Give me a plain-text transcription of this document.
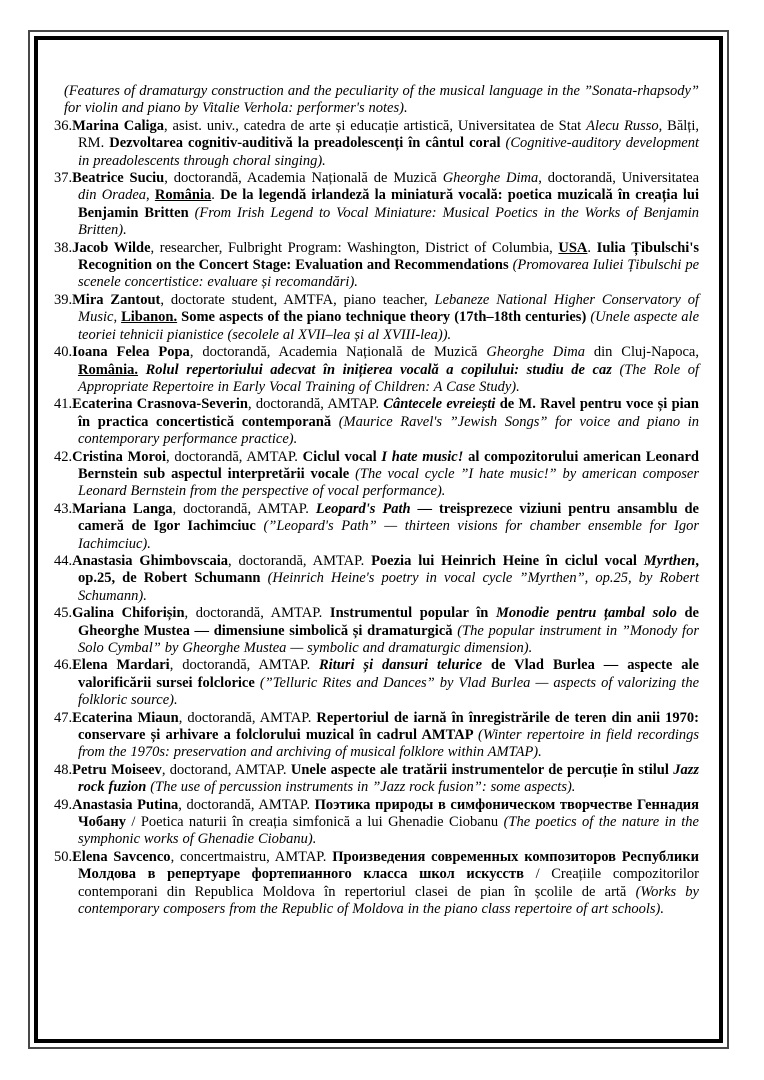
(Features of dramaturgy construction and the peculiarity of the musical language in the ”Sonata-rhapsody” for violin and piano by Vitalie Verhola: performer's notes).
36.Marina Caliga, asist. univ., catedra de arte și educație artistică, Universitatea de Stat Alecu Russo, Bălți, RM. Dezvoltarea cognitiv-auditivă la preadolescenți în cântul coral (Cognitive-auditory development in preadolescents through choral singing).
37.Beatrice Suciu, doctorandă, Academia Națională de Muzică Gheorghe Dima, doctorandă, Universitatea din Oradea, România. De la legendă irlandeză la miniatură vocală: poetica muzicală în creația lui Benjamin Britten (From Irish Legend to Vocal Miniature: Musical Poetics in the Works of Benjamin Britten).
38.Jacob Wilde, researcher, Fulbright Program: Washington, District of Columbia, USA. Iulia Țibulschi's Recognition on the Concert Stage: Evaluation and Recommendations (Promovarea Iuliei Țibulschi pe scenele concertistice: evaluare și recomandări).
39.Mira Zantout, doctorate student, AMTFA, piano teacher, Lebaneze National Higher Conservatory of Music, Libanon. Some aspects of the piano technique theory (17th–18th centuries) (Unele aspecte ale teoriei tehnicii pianistice (secolele al XVII–lea și al XVIII-lea)).
40.Ioana Felea Popa, doctorandă, Academia Națională de Muzică Gheorghe Dima din Cluj-Napoca, România. Rolul repertoriului adecvat în inițierea vocală a copilului: studiu de caz (The Role of Appropriate Repertoire in Early Vocal Training of Children: A Case Study).
41.Ecaterina Crasnova-Severin, doctorandă, AMTAP. Cântecele evreiești de M. Ravel pentru voce și pian în practica concertistică contemporană (Maurice Ravel's ”Jewish Songs” for voice and piano in contemporary performance practice).
42.Cristina Moroi, doctorandă, AMTAP. Ciclul vocal I hate music! al compozitorului american Leonard Bernstein sub aspectul interpretării vocale (The vocal cycle ”I hate music!” by american composer Leonard Bernstein from the perspective of vocal performance).
43.Mariana Langa, doctorandă, AMTAP. Leopard's Path — treisprezece viziuni pentru ansamblu de cameră de Igor Iachimciuc (”Leopard's Path” — thirteen visions for chamber ensemble for Igor Iachimciuc).
44.Anastasia Ghimbovscaia, doctorandă, AMTAP. Poezia lui Heinrich Heine în ciclul vocal Myrthen, op.25, de Robert Schumann (Heinrich Heine's poetry in vocal cycle ”Myrthen”, op.25, by Robert Schumann).
45.Galina Chiforișin, doctorandă, AMTAP. Instrumentul popular în Monodie pentru țambal solo de Gheorghe Mustea — dimensiune simbolică și dramaturgică (The popular instrument in ”Monody for Solo Cymbal” by Gheorghe Mustea — symbolic and dramaturgic dimension).
46.Elena Mardari, doctorandă, AMTAP. Rituri și dansuri telurice de Vlad Burlea — aspecte ale valorificării sursei folclorice (”Telluric Rites and Dances” by Vlad Burlea — aspects of valorizing the folkloric source).
47.Ecaterina Miaun, doctorandă, AMTAP. Repertoriul de iarnă în înregistrările de teren din anii 1970: conservare și arhivare a folclorului muzical în cadrul AMTAP (Winter repertoire in field recordings from the 1970s: preservation and archiving of musical folklore within AMTAP).
48.Petru Moiseev, doctorand, AMTAP. Unele aspecte ale tratării instrumentelor de percuție în stilul Jazz rock fuzion (The use of percussion instruments in ”Jazz rock fusion”: some aspects).
49.Anastasia Putina, doctorandă, AMTAP. Поэтика природы в симфоническом творчестве Геннадия Чобану / Poetica naturii în creația simfonică a lui Ghenadie Ciobanu (The poetics of the nature in the symphonic works of Ghenadie Ciobanu).
50.Elena Savcenco, concertmaistru, AMTAP. Произведения современных композиторов Республики Молдова в репертуаре фортепианного класса школ искусств / Creațiile compozitorilor contemporani din Republica Moldova în repertoriul clasei de pian în școlile de artă (Works by contemporary composers from the Republic of Moldova in the piano class repertoire of art schools).
